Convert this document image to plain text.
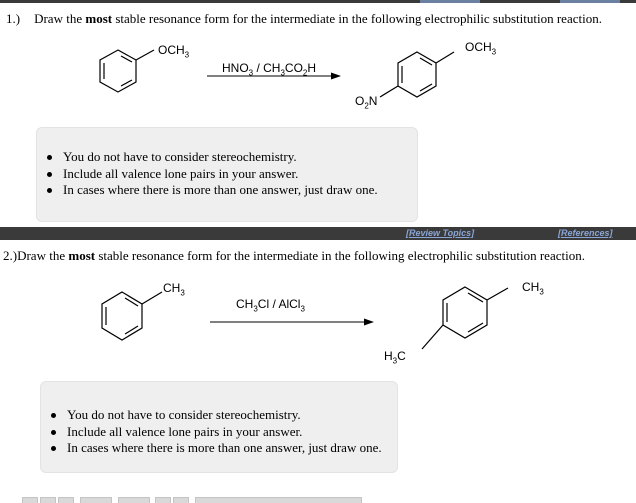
1.) Draw the most stable resonance form for the intermediate in the following electrophilic substitution reaction.
$OCH_3$
$HNO_3 / CH_3CO_2H$
$OCH_3$
$O_2N$
You do not have to consider stereochemistry.
Include all valence lone pairs in your answer.
In cases where there is more than one answer, just draw one.
[Review Topics]	[References]
2.)Draw the most stable resonance form for the intermediate in the following electrophilic substitution reaction.
$CH_3$
$CH_3Cl$ / AlCl$_3$
$CH_3$
$H_3C$
You do not have to consider stereochemistry.
Include all valence lone pairs in your answer.
In cases where there is more than one answer, just draw one.
